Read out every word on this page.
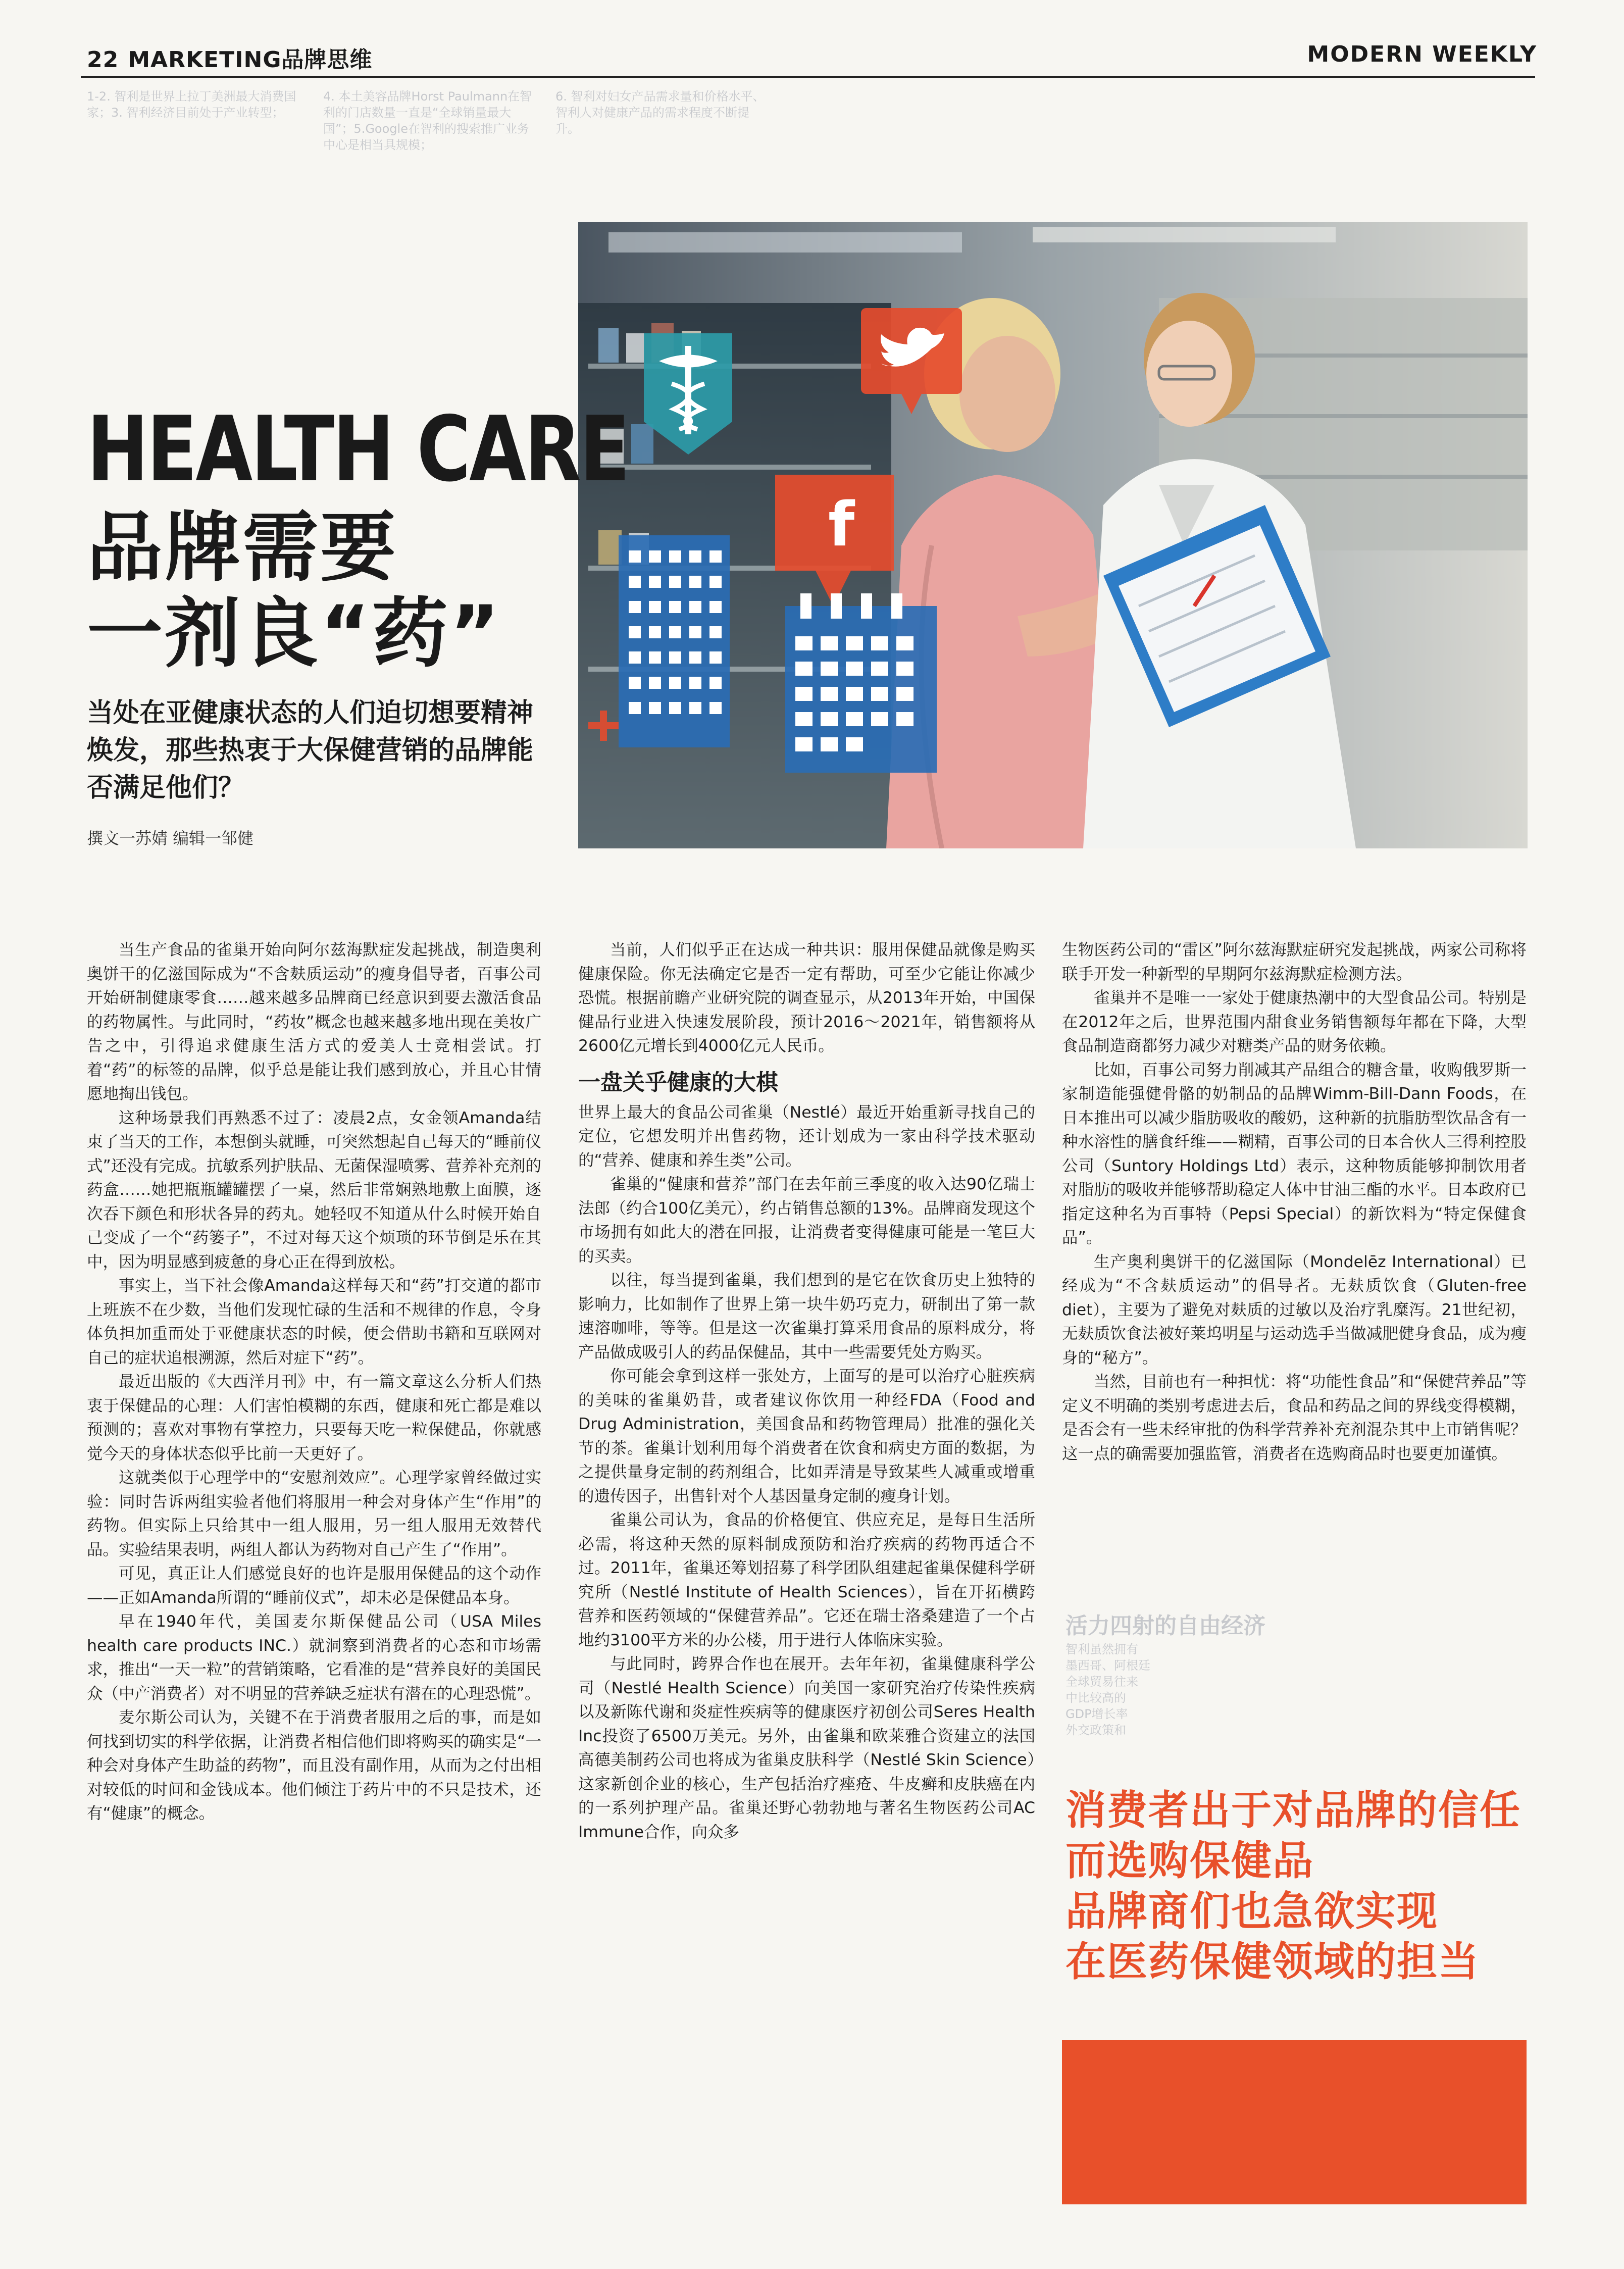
22 MARKETING品牌思维	MODERN WEEKLY
1-2. 智利是世界上拉丁美洲最大消费国家；3. 智利经济目前处于产业转型；
4. 本土美容品牌Horst Paulmann在智利的门店数量一直是“全球销量最大国”；5.Google在智利的搜索推广业务中心是相当具规模；
6. 智利对妇女产品需求量和价格水平、智利人对健康产品的需求程度不断提升。
f
HEALTH CARE
品牌需要
一剂良“药”
当处在亚健康状态的人们迫切想要精神焕发，那些热衷于大保健营销的品牌能否满足他们？
撰文一苏婧 编辑一邹健

当生产食品的雀巢开始向阿尔兹海默症发起挑战，制造奥利奥饼干的亿滋国际成为“不含麸质运动”的瘦身倡导者，百事公司开始研制健康零食……越来越多品牌商已经意识到要去激活食品的药物属性。与此同时，“药妆”概念也越来越多地出现在美妆广告之中，引得追求健康生活方式的爱美人士竞相尝试。打着“药”的标签的品牌，似乎总是能让我们感到放心，并且心甘情愿地掏出钱包。

这种场景我们再熟悉不过了：凌晨2点，女金领Amanda结束了当天的工作，本想倒头就睡，可突然想起自己每天的“睡前仪式”还没有完成。抗敏系列护肤品、无菌保湿喷雾、营养补充剂的药盒……她把瓶瓶罐罐摆了一桌，然后非常娴熟地敷上面膜，逐次吞下颜色和形状各异的药丸。她轻叹不知道从什么时候开始自己变成了一个“药篓子”，不过对每天这个烦琐的环节倒是乐在其中，因为明显感到疲惫的身心正在得到放松。

事实上，当下社会像Amanda这样每天和“药”打交道的都市上班族不在少数，当他们发现忙碌的生活和不规律的作息，令身体负担加重而处于亚健康状态的时候，便会借助书籍和互联网对自己的症状追根溯源，然后对症下“药”。

最近出版的《大西洋月刊》中，有一篇文章这么分析人们热衷于保健品的心理：人们害怕模糊的东西，健康和死亡都是难以预测的；喜欢对事物有掌控力，只要每天吃一粒保健品，你就感觉今天的身体状态似乎比前一天更好了。

这就类似于心理学中的“安慰剂效应”。心理学家曾经做过实验：同时告诉两组实验者他们将服用一种会对身体产生“作用”的药物。但实际上只给其中一组人服用，另一组人服用无效替代品。实验结果表明，两组人都认为药物对自己产生了“作用”。

可见，真正让人们感觉良好的也许是服用保健品的这个动作——正如Amanda所谓的“睡前仪式”，却未必是保健品本身。

早在1940年代，美国麦尔斯保健品公司（USA Miles health care products INC.）就洞察到消费者的心态和市场需求，推出“一天一粒”的营销策略，它看准的是“营养良好的美国民众（中产消费者）对不明显的营养缺乏症状有潜在的心理恐慌”。

麦尔斯公司认为，关键不在于消费者服用之后的事，而是如何找到切实的科学依据，让消费者相信他们即将购买的确实是“一种会对身体产生助益的药物”，而且没有副作用，从而为之付出相对较低的时间和金钱成本。他们倾注于药片中的不只是技术，还有“健康”的概念。

当前，人们似乎正在达成一种共识：服用保健品就像是购买健康保险。你无法确定它是否一定有帮助，可至少它能让你减少恐慌。根据前瞻产业研究院的调查显示，从2013年开始，中国保健品行业进入快速发展阶段，预计2016～2021年，销售额将从2600亿元增长到4000亿元人民币。

一盘关乎健康的大棋

世界上最大的食品公司雀巢（Nestlé）最近开始重新寻找自己的定位，它想发明并出售药物，还计划成为一家由科学技术驱动的“营养、健康和养生类”公司。

雀巢的“健康和营养”部门在去年前三季度的收入达90亿瑞士法郎（约合100亿美元），约占销售总额的13%。品牌商发现这个市场拥有如此大的潜在回报，让消费者变得健康可能是一笔巨大的买卖。

以往，每当提到雀巢，我们想到的是它在饮食历史上独特的影响力，比如制作了世界上第一块牛奶巧克力，研制出了第一款速溶咖啡，等等。但是这一次雀巢打算采用食品的原料成分，将产品做成吸引人的药品保健品，其中一些需要凭处方购买。

你可能会拿到这样一张处方，上面写的是可以治疗心脏疾病的美味的雀巢奶昔，或者建议你饮用一种经FDA（Food and Drug Administration，美国食品和药物管理局）批准的强化关节的茶。雀巢计划利用每个消费者在饮食和病史方面的数据，为之提供量身定制的药剂组合，比如弄清是导致某些人减重或增重的遗传因子，出售针对个人基因量身定制的瘦身计划。

雀巢公司认为，食品的价格便宜、供应充足，是每日生活所必需，将这种天然的原料制成预防和治疗疾病的药物再适合不过。2011年，雀巢还筹划招募了科学团队组建起雀巢保健科学研究所（Nestlé Institute of Health Sciences），旨在开拓横跨营养和医药领域的“保健营养品”。它还在瑞士洛桑建造了一个占地约3100平方米的办公楼，用于进行人体临床实验。

与此同时，跨界合作也在展开。去年年初，雀巢健康科学公司（Nestlé Health Science）向美国一家研究治疗传染性疾病以及新陈代谢和炎症性疾病等的健康医疗初创公司Seres Health Inc投资了6500万美元。另外，由雀巢和欧莱雅合资建立的法国高德美制药公司也将成为雀巢皮肤科学（Nestlé Skin Science）这家新创企业的核心，生产包括治疗痤疮、牛皮癣和皮肤癌在内的一系列护理产品。雀巢还野心勃勃地与著名生物医药公司AC Immune合作，向众多

生物医药公司的“雷区”阿尔兹海默症研究发起挑战，两家公司称将联手开发一种新型的早期阿尔兹海默症检测方法。

雀巢并不是唯一一家处于健康热潮中的大型食品公司。特别是在2012年之后，世界范围内甜食业务销售额每年都在下降，大型食品制造商都努力减少对糖类产品的财务依赖。

比如，百事公司努力削减其产品组合的糖含量，收购俄罗斯一家制造能强健骨骼的奶制品的品牌Wimm-Bill-Dann Foods，在日本推出可以减少脂肪吸收的酸奶，这种新的抗脂肪型饮品含有一种水溶性的膳食纤维——糊精，百事公司的日本合伙人三得利控股公司（Suntory Holdings Ltd）表示，这种物质能够抑制饮用者对脂肪的吸收并能够帮助稳定人体中甘油三酯的水平。日本政府已指定这种名为百事特（Pepsi Special）的新饮料为“特定保健食品”。

生产奥利奥饼干的亿滋国际（Mondelēz International）已经成为“不含麸质运动”的倡导者。无麸质饮食（Gluten-free diet），主要为了避免对麸质的过敏以及治疗乳糜泻。21世纪初，无麸质饮食法被好莱坞明星与运动选手当做减肥健身食品，成为瘦身的“秘方”。

当然，目前也有一种担忧：将“功能性食品”和“保健营养品”等定义不明确的类别考虑进去后，食品和药品之间的界线变得模糊，是否会有一些未经审批的伪科学营养补充剂混杂其中上市销售呢？这一点的确需要加强监管，消费者在选购商品时也要更加谨慎。

活力四射的自由经济

智利虽然拥有

墨西哥、阿根廷

全球贸易往来

中比较高的

GDP增长率

外交政策和

消费者出于对品牌的信任
而选购保健品
品牌商们也急欲实现
在医药保健领域的担当
